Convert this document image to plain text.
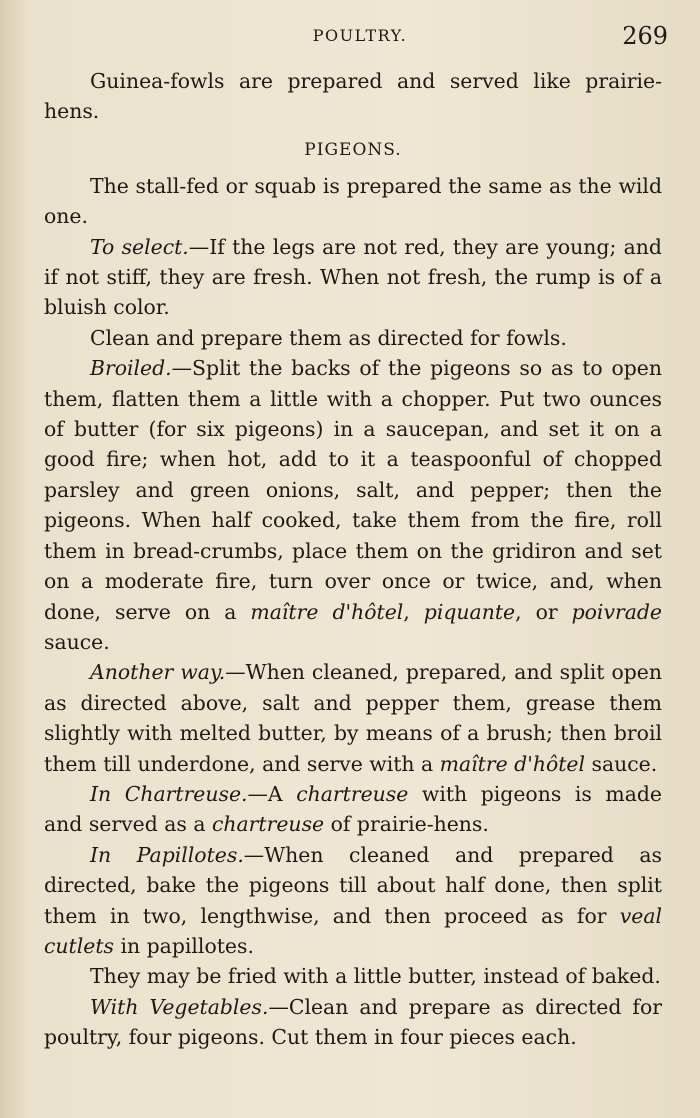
POULTRY.	269

Guinea-fowls are prepared and served like prairie-hens.

PIGEONS.

The stall-fed or squab is prepared the same as the wild one.

To select.—If the legs are not red, they are young; and if not stiff, they are fresh. When not fresh, the rump is of a bluish color.

Clean and prepare them as directed for fowls.

Broiled.—Split the backs of the pigeons so as to open them, flatten them a little with a chopper. Put two ounces of butter (for six pigeons) in a saucepan, and set it on a good fire; when hot, add to it a teaspoonful of chopped parsley and green onions, salt, and pepper; then the pigeons. When half cooked, take them from the fire, roll them in bread-crumbs, place them on the gridiron and set on a moderate fire, turn over once or twice, and, when done, serve on a maître d'hôtel, piquante, or poivrade sauce.

Another way.—When cleaned, prepared, and split open as directed above, salt and pepper them, grease them slightly with melted butter, by means of a brush; then broil them till underdone, and serve with a maître d'hôtel sauce.

In Chartreuse.—A chartreuse with pigeons is made and served as a chartreuse of prairie-hens.

In Papillotes.—When cleaned and prepared as directed, bake the pigeons till about half done, then split them in two, lengthwise, and then proceed as for veal cutlets in papillotes.

They may be fried with a little butter, instead of baked.

With Vegetables.—Clean and prepare as directed for poultry, four pigeons. Cut them in four pieces each.
